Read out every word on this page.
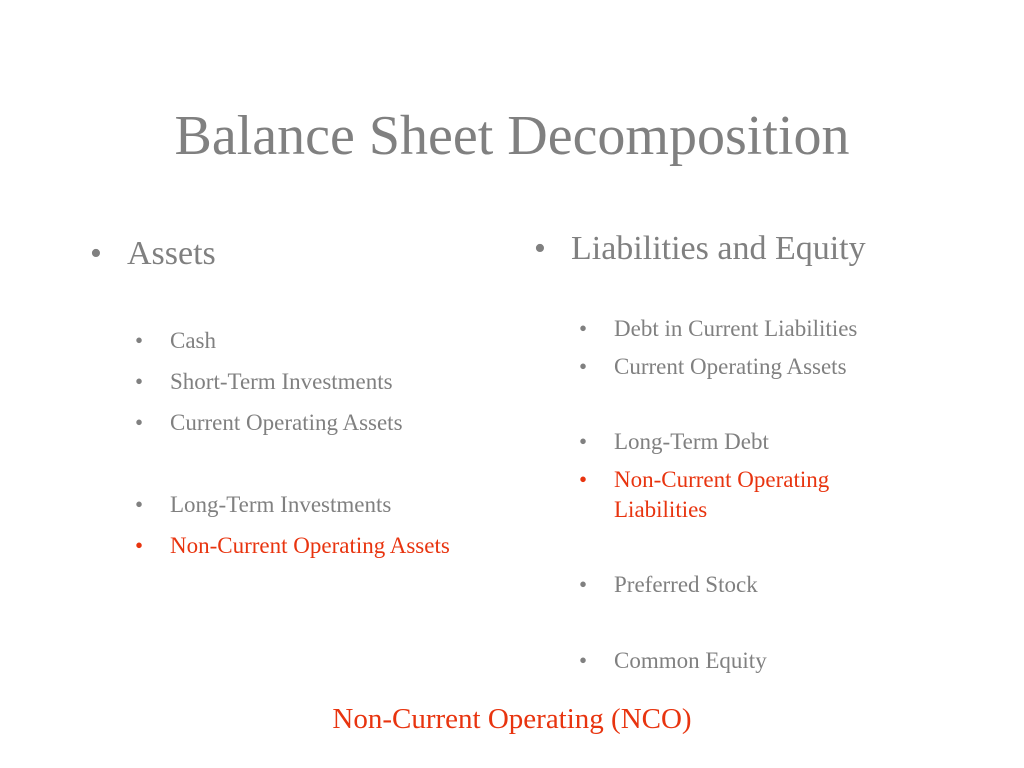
Balance Sheet Decomposition
• Assets
• Cash
• Short-Term Investments
• Current Operating Assets
• Long-Term Investments
• Non-Current Operating Assets
• Liabilities and Equity
• Debt in Current Liabilities
• Current Operating Assets
• Long-Term Debt
• Non-Current Operating Liabilities
• Preferred Stock
• Common Equity
Non-Current Operating (NCO)
